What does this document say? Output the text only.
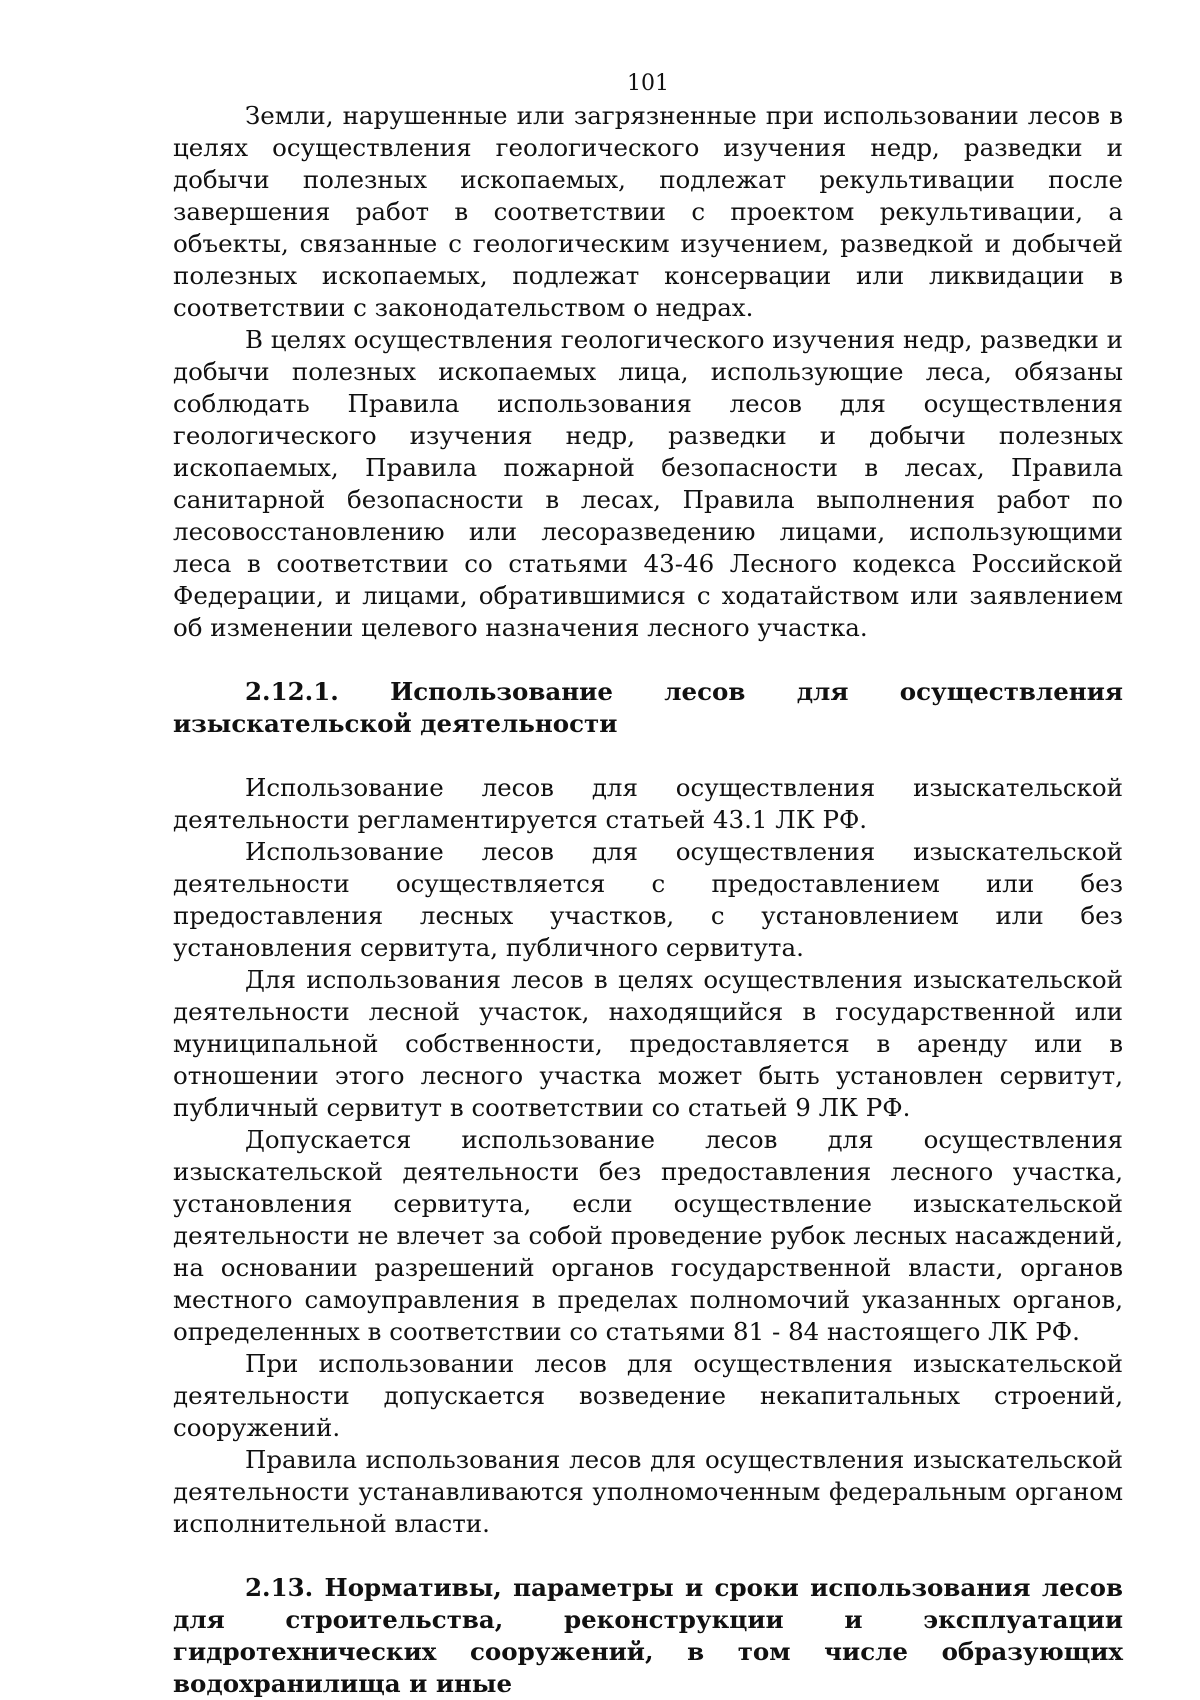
101

Земли, нарушенные или загрязненные при использовании лесов в целях осуществления геологического изучения недр, разведки и добычи полезных ископаемых, подлежат рекультивации после завершения работ в соответствии с проектом рекультивации, а объекты, связанные с геологическим изучением, разведкой и добычей полезных ископаемых, подлежат консервации или ликвидации в соответствии с законодательством о недрах.

В целях осуществления геологического изучения недр, разведки и добычи полезных ископаемых лица, использующие леса, обязаны соблюдать Правила использования лесов для осуществления геологического изучения недр, разведки и добычи полезных ископаемых, Правила пожарной безопасности в лесах, Правила санитарной безопасности в лесах, Правила выполнения работ по лесовосстановлению или лесоразведению лицами, использующими леса в соответствии со статьями 43-46 Лесного кодекса Российской Федерации, и лицами, обратившимися с ходатайством или заявлением об изменении целевого назначения лесного участка.

2.12.1. Использование лесов для осуществления изыскательской деятельности

Использование лесов для осуществления изыскательской деятельности регламентируется статьей 43.1 ЛК РФ.

Использование лесов для осуществления изыскательской деятельности осуществляется с предоставлением или без предоставления лесных участков, с установлением или без установления сервитута, публичного сервитута.

Для использования лесов в целях осуществления изыскательской деятельности лесной участок, находящийся в государственной или муниципальной собственности, предоставляется в аренду или в отношении этого лесного участка может быть установлен сервитут, публичный сервитут в соответствии со статьей 9 ЛК РФ.

Допускается использование лесов для осуществления изыскательской деятельности без предоставления лесного участка, установления сервитута, если осуществление изыскательской деятельности не влечет за собой проведение рубок лесных насаждений, на основании разрешений органов государственной власти, органов местного самоуправления в пределах полномочий указанных органов, определенных в соответствии со статьями 81 - 84 настоящего ЛК РФ.

При использовании лесов для осуществления изыскательской деятельности допускается возведение некапитальных строений, сооружений.

Правила использования лесов для осуществления изыскательской деятельности устанавливаются уполномоченным федеральным органом исполнительной власти.

2.13. Нормативы, параметры и сроки использования лесов для строительства, реконструкции и эксплуатации гидротехнических сооружений, в том числе образующих водохранилища и иные
